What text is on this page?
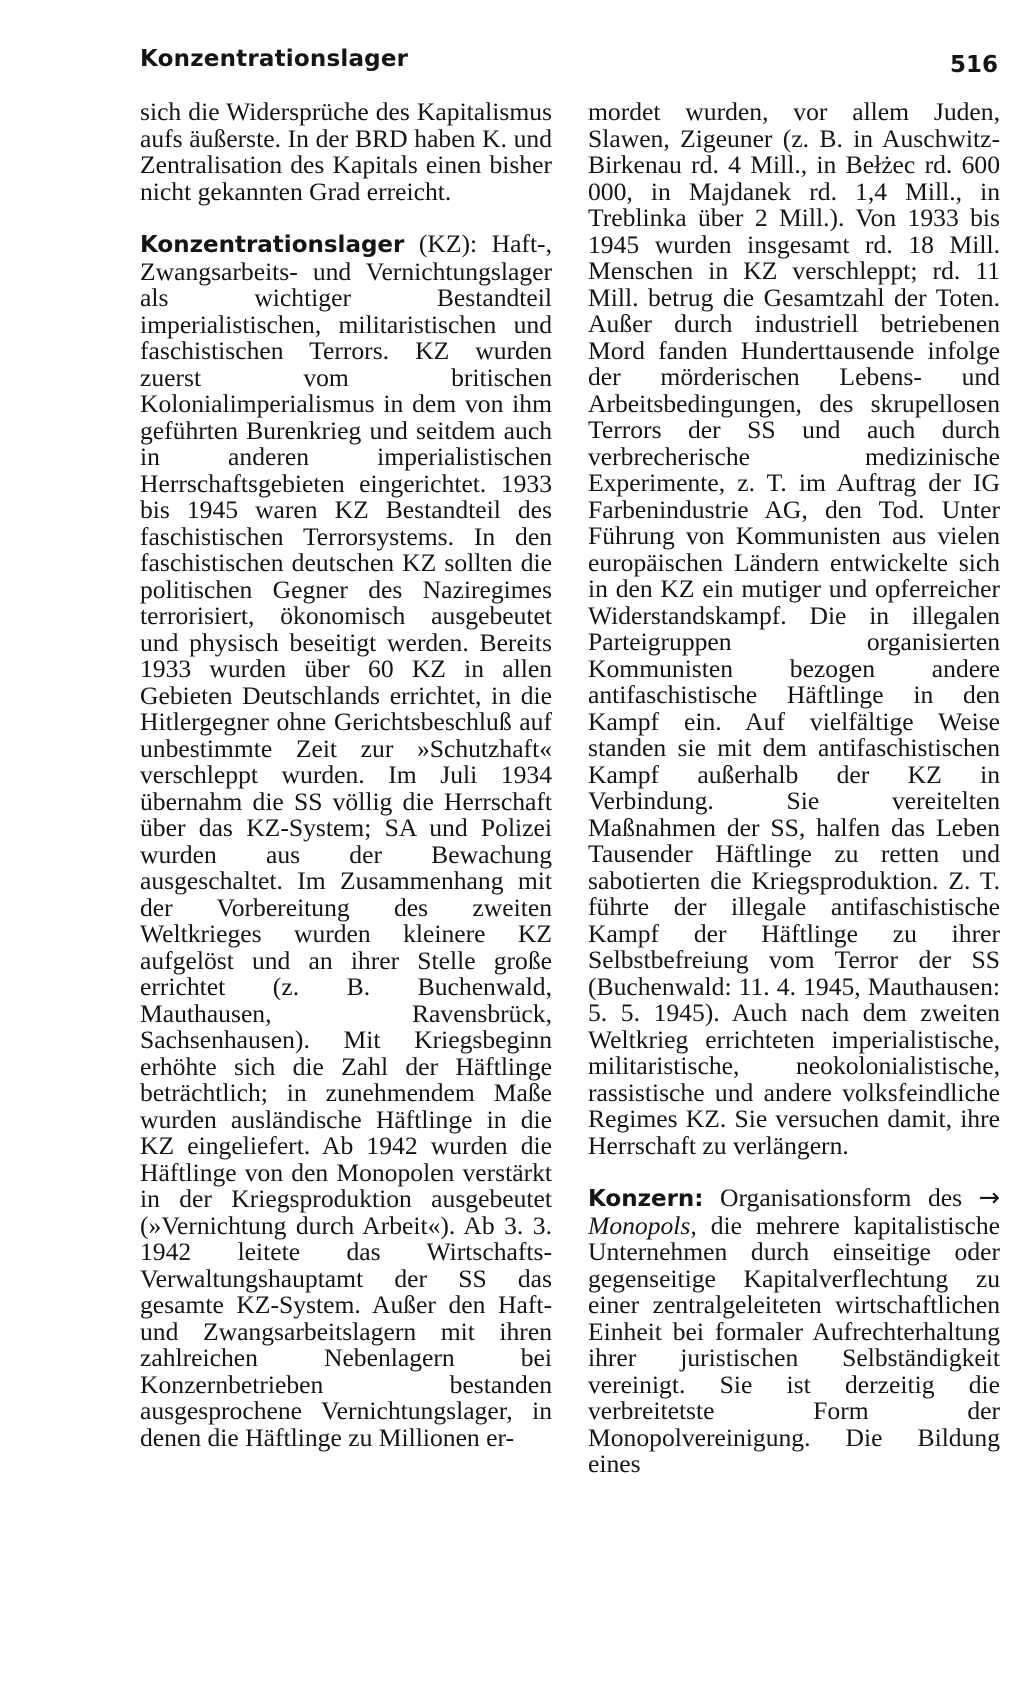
Konzentrationslager	516

sich die Widersprüche des Kapitalismus aufs äußerste. In der BRD haben K. und Zentralisation des Kapitals einen bisher nicht gekannten Grad erreicht.

Konzentrationslager (KZ): Haft-, Zwangsarbeits- und Vernichtungslager als wichtiger Bestandteil imperialistischen, militaristischen und faschistischen Terrors. KZ wurden zuerst vom britischen Kolonialimperialismus in dem von ihm geführten Burenkrieg und seitdem auch in anderen imperialistischen Herrschaftsgebieten eingerichtet. 1933 bis 1945 waren KZ Bestandteil des faschistischen Terrorsystems. In den faschistischen deutschen KZ sollten die politischen Gegner des Naziregimes terrorisiert, ökonomisch ausgebeutet und physisch beseitigt werden. Bereits 1933 wurden über 60 KZ in allen Gebieten Deutschlands errichtet, in die Hitlergegner ohne Gerichtsbeschluß auf unbestimmte Zeit zur »Schutzhaft« verschleppt wurden. Im Juli 1934 übernahm die SS völlig die Herrschaft über das KZ-System; SA und Polizei wurden aus der Bewachung ausgeschaltet. Im Zusammenhang mit der Vorbereitung des zweiten Weltkrieges wurden kleinere KZ aufgelöst und an ihrer Stelle große errichtet (z. B. Buchenwald, Mauthausen, Ravensbrück, Sachsenhausen). Mit Kriegsbeginn erhöhte sich die Zahl der Häftlinge beträchtlich; in zunehmendem Maße wurden ausländische Häftlinge in die KZ eingeliefert. Ab 1942 wurden die Häftlinge von den Monopolen verstärkt in der Kriegsproduktion ausgebeutet (»Vernichtung durch Arbeit«). Ab 3. 3. 1942 leitete das Wirtschafts-Verwaltungshauptamt der SS das gesamte KZ-System. Außer den Haft- und Zwangsarbeitslagern mit ihren zahlreichen Nebenlagern bei Konzernbetrieben bestanden ausgesprochene Vernichtungslager, in denen die Häftlinge zu Millionen er-

mordet wurden, vor allem Juden, Slawen, Zigeuner (z. B. in Auschwitz-Birkenau rd. 4 Mill., in Bełżec rd. 600 000, in Majdanek rd. 1,4 Mill., in Treblinka über 2 Mill.). Von 1933 bis 1945 wurden insgesamt rd. 18 Mill. Menschen in KZ verschleppt; rd. 11 Mill. betrug die Gesamtzahl der Toten. Außer durch industriell betriebenen Mord fanden Hunderttausende infolge der mörderischen Lebens- und Arbeitsbedingungen, des skrupellosen Terrors der SS und auch durch verbrecherische medizinische Experimente, z. T. im Auftrag der IG Farbenindustrie AG, den Tod. Unter Führung von Kommunisten aus vielen europäischen Ländern entwickelte sich in den KZ ein mutiger und opferreicher Widerstandskampf. Die in illegalen Parteigruppen organisierten Kommunisten bezogen andere antifaschistische Häftlinge in den Kampf ein. Auf vielfältige Weise standen sie mit dem antifaschistischen Kampf außerhalb der KZ in Verbindung. Sie vereitelten Maßnahmen der SS, halfen das Leben Tausender Häftlinge zu retten und sabotierten die Kriegsproduktion. Z. T. führte der illegale antifaschistische Kampf der Häftlinge zu ihrer Selbstbefreiung vom Terror der SS (Buchenwald: 11. 4. 1945, Mauthausen: 5. 5. 1945). Auch nach dem zweiten Weltkrieg errichteten imperialistische, militaristische, neokolonialistische, rassistische und andere volksfeindliche Regimes KZ. Sie versuchen damit, ihre Herrschaft zu verlängern.

Konzern: Organisationsform des → Monopols, die mehrere kapitalistische Unternehmen durch einseitige oder gegenseitige Kapitalverflechtung zu einer zentralgeleiteten wirtschaftlichen Einheit bei formaler Aufrechterhaltung ihrer juristischen Selbständigkeit vereinigt. Sie ist derzeitig die verbreitetste Form der Monopolvereinigung. Die Bildung eines
